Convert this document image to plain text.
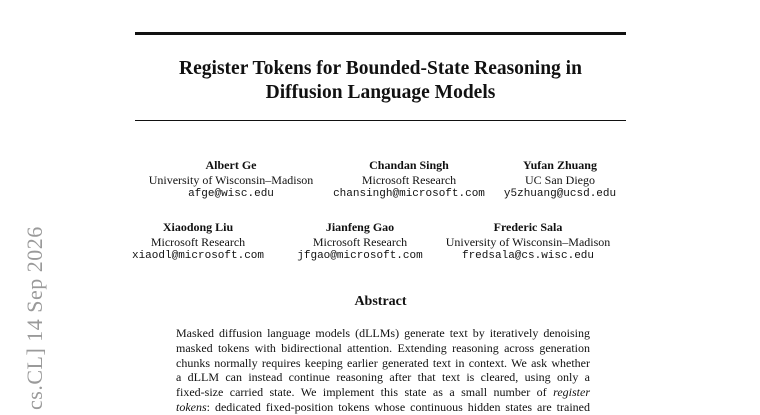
Register Tokens for Bounded-State Reasoning in
Diffusion Language Models
Albert Ge
University of Wisconsin–Madison
afge@wisc.edu
Chandan Singh
Microsoft Research
chansingh@microsoft.com
Yufan Zhuang
UC San Diego
y5zhuang@ucsd.edu
Xiaodong Liu
Microsoft Research
xiaodl@microsoft.com
Jianfeng Gao
Microsoft Research
jfgao@microsoft.com
Frederic Sala
University of Wisconsin–Madison
fredsala@cs.wisc.edu
Abstract
Masked diffusion language models (dLLMs) generate text by iteratively denoising
masked tokens with bidirectional attention. Extending reasoning across generation
chunks normally requires keeping earlier generated text in context. We ask whether
a dLLM can instead continue reasoning after that text is cleared, using only a
fixed-size carried state. We implement this state as a small number of register
tokens: dedicated fixed-position tokens whose continuous hidden states are trained
cs.CL] 14 Sep 2026
